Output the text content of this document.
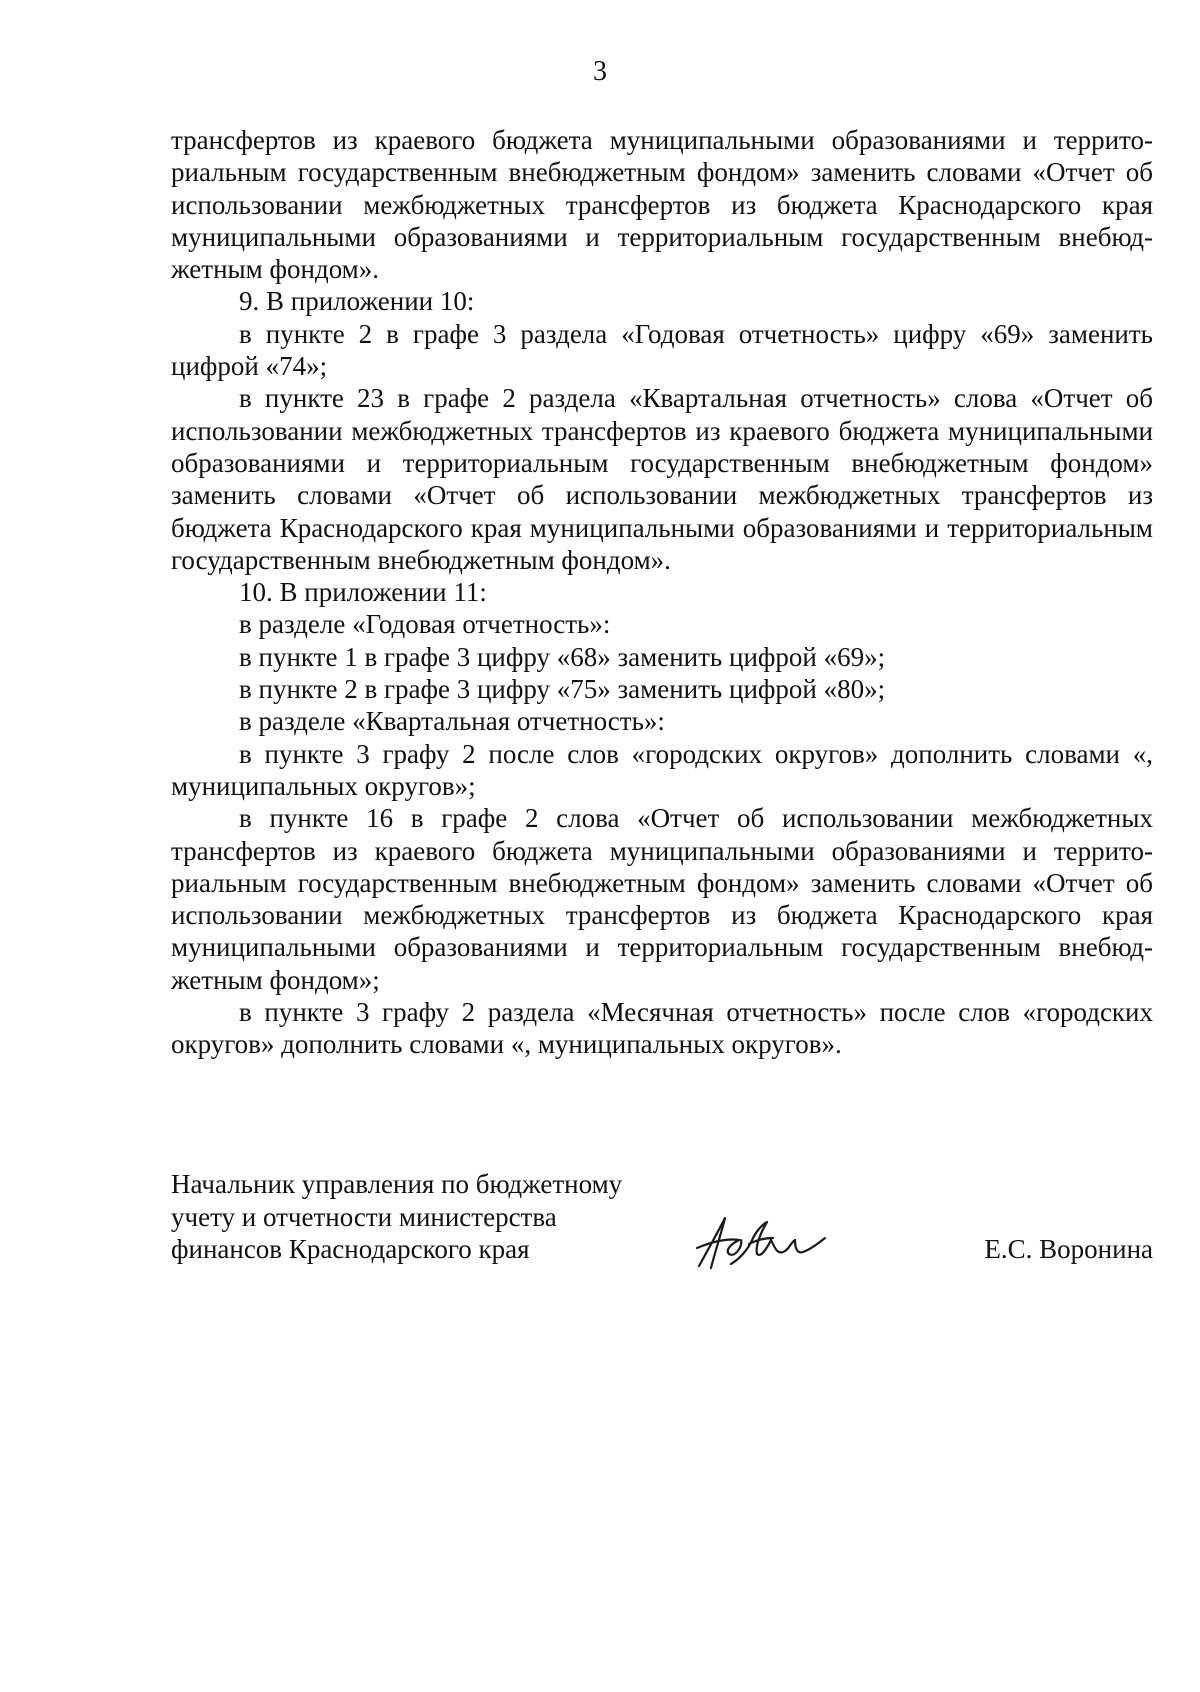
3

трансфертов из краевого бюджета муниципальными образованиями и территориальным государственным внебюджетным фондом» заменить словами «Отчет об использовании межбюджетных трансфертов из бюджета Краснодарского края муниципальными образованиями и территориальным государственным внебюджетным фондом».

9. В приложении 10:

в пункте 2 в графе 3 раздела «Годовая отчетность» цифру «69» заменить цифрой «74»;

в пункте 23 в графе 2 раздела «Квартальная отчетность» слова «Отчет об использовании межбюджетных трансфертов из краевого бюджета муниципальными образованиями и территориальным государственным внебюджетным фондом» заменить словами «Отчет об использовании межбюджетных трансфертов из бюджета Краснодарского края муниципальными образованиями и территориальным государственным внебюджетным фондом».

10. В приложении 11:

в разделе «Годовая отчетность»:

в пункте 1 в графе 3 цифру «68» заменить цифрой «69»;

в пункте 2 в графе 3 цифру «75» заменить цифрой «80»;

в разделе «Квартальная отчетность»:

в пункте 3 графу 2 после слов «городских округов» дополнить словами «, муниципальных округов»;

в пункте 16 в графе 2 слова «Отчет об использовании межбюджетных трансфертов из краевого бюджета муниципальными образованиями и территориальным государственным внебюджетным фондом» заменить словами «Отчет об использовании межбюджетных трансфертов из бюджета Краснодарского края муниципальными образованиями и территориальным государственным внебюджетным фондом»;

в пункте 3 графу 2 раздела «Месячная отчетность» после слов «городских округов» дополнить словами «, муниципальных округов».

Начальник управления по бюджетному
учету и отчетности министерства
финансов Краснодарского края	Е.С. Воронина
